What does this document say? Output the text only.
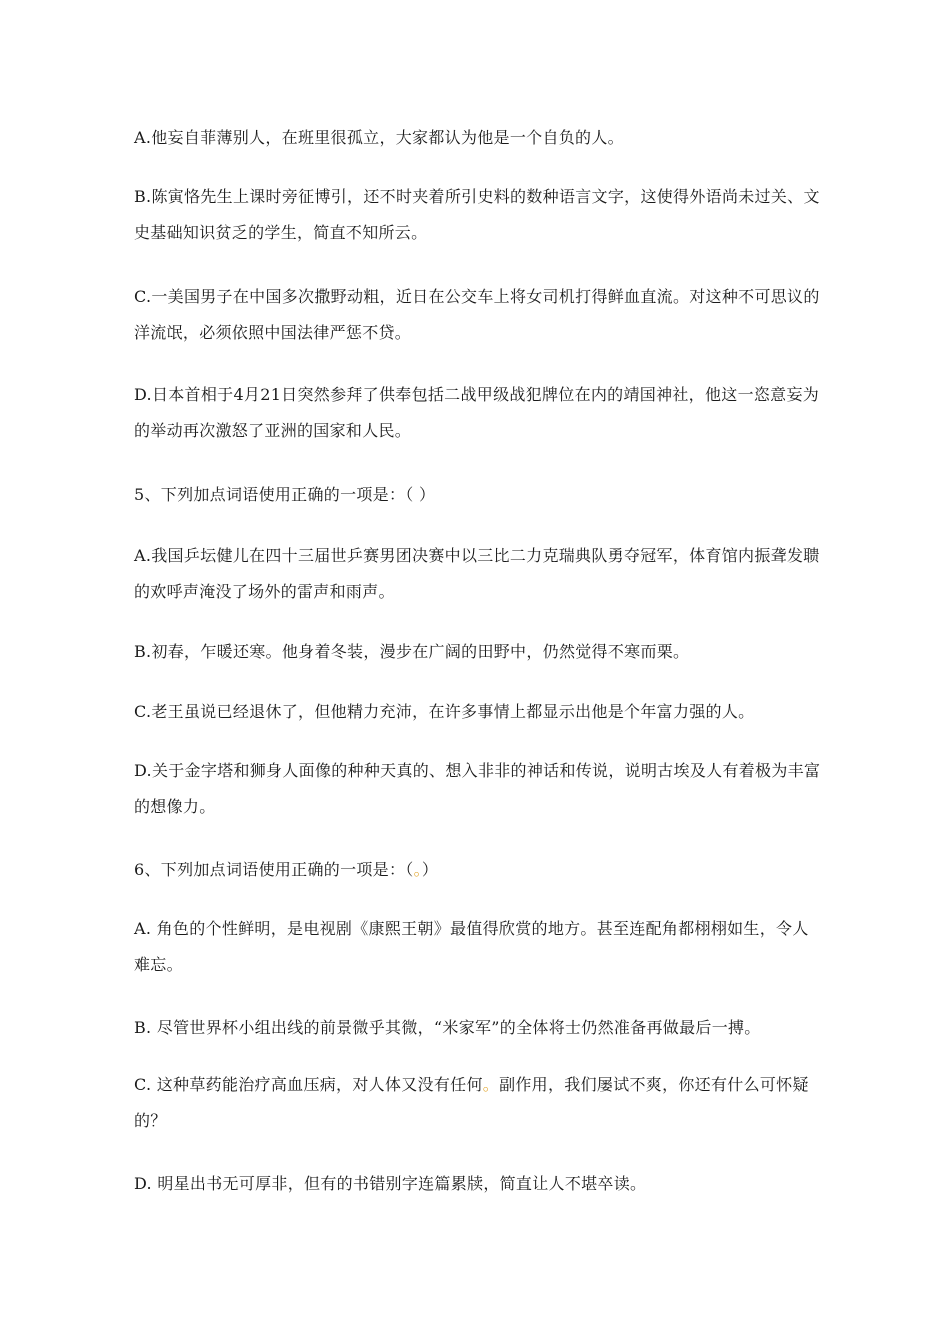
A.他妄自菲薄别人，在班里很孤立，大家都认为他是一个自负的人。

B.陈寅恪先生上课时旁征博引，还不时夹着所引史料的数种语言文字，这使得外语尚未过关、文史基础知识贫乏的学生，简直不知所云。

C.一美国男子在中国多次撒野动粗，近日在公交车上将女司机打得鲜血直流。对这种不可思议的洋流氓，必须依照中国法律严惩不贷。

D.日本首相于4月21日突然参拜了供奉包括二战甲级战犯牌位在内的靖国神社，他这一恣意妄为的举动再次激怒了亚洲的国家和人民。

5、下列加点词语使用正确的一项是：（ ）

A.我国乒坛健儿在四十三届世乒赛男团决赛中以三比二力克瑞典队勇夺冠军，体育馆内振聋发聩的欢呼声淹没了场外的雷声和雨声。

B.初春，乍暖还寒。他身着冬装，漫步在广阔的田野中，仍然觉得不寒而栗。

C.老王虽说已经退休了，但他精力充沛，在许多事情上都显示出他是个年富力强的人。

D.关于金字塔和狮身人面像的种种天真的、想入非非的神话和传说，说明古埃及人有着极为丰富的想像力。

6、下列加点词语使用正确的一项是：（。）

A. 角色的个性鲜明，是电视剧《康熙王朝》最值得欣赏的地方。甚至连配角都栩栩如生，令人难忘。

B. 尽管世界杯小组出线的前景微乎其微，“米家军”的全体将士仍然准备再做最后一搏。

C. 这种草药能治疗高血压病，对人体又没有任何。副作用，我们屡试不爽，你还有什么可怀疑的？

D. 明星出书无可厚非，但有的书错别字连篇累牍，简直让人不堪卒读。
